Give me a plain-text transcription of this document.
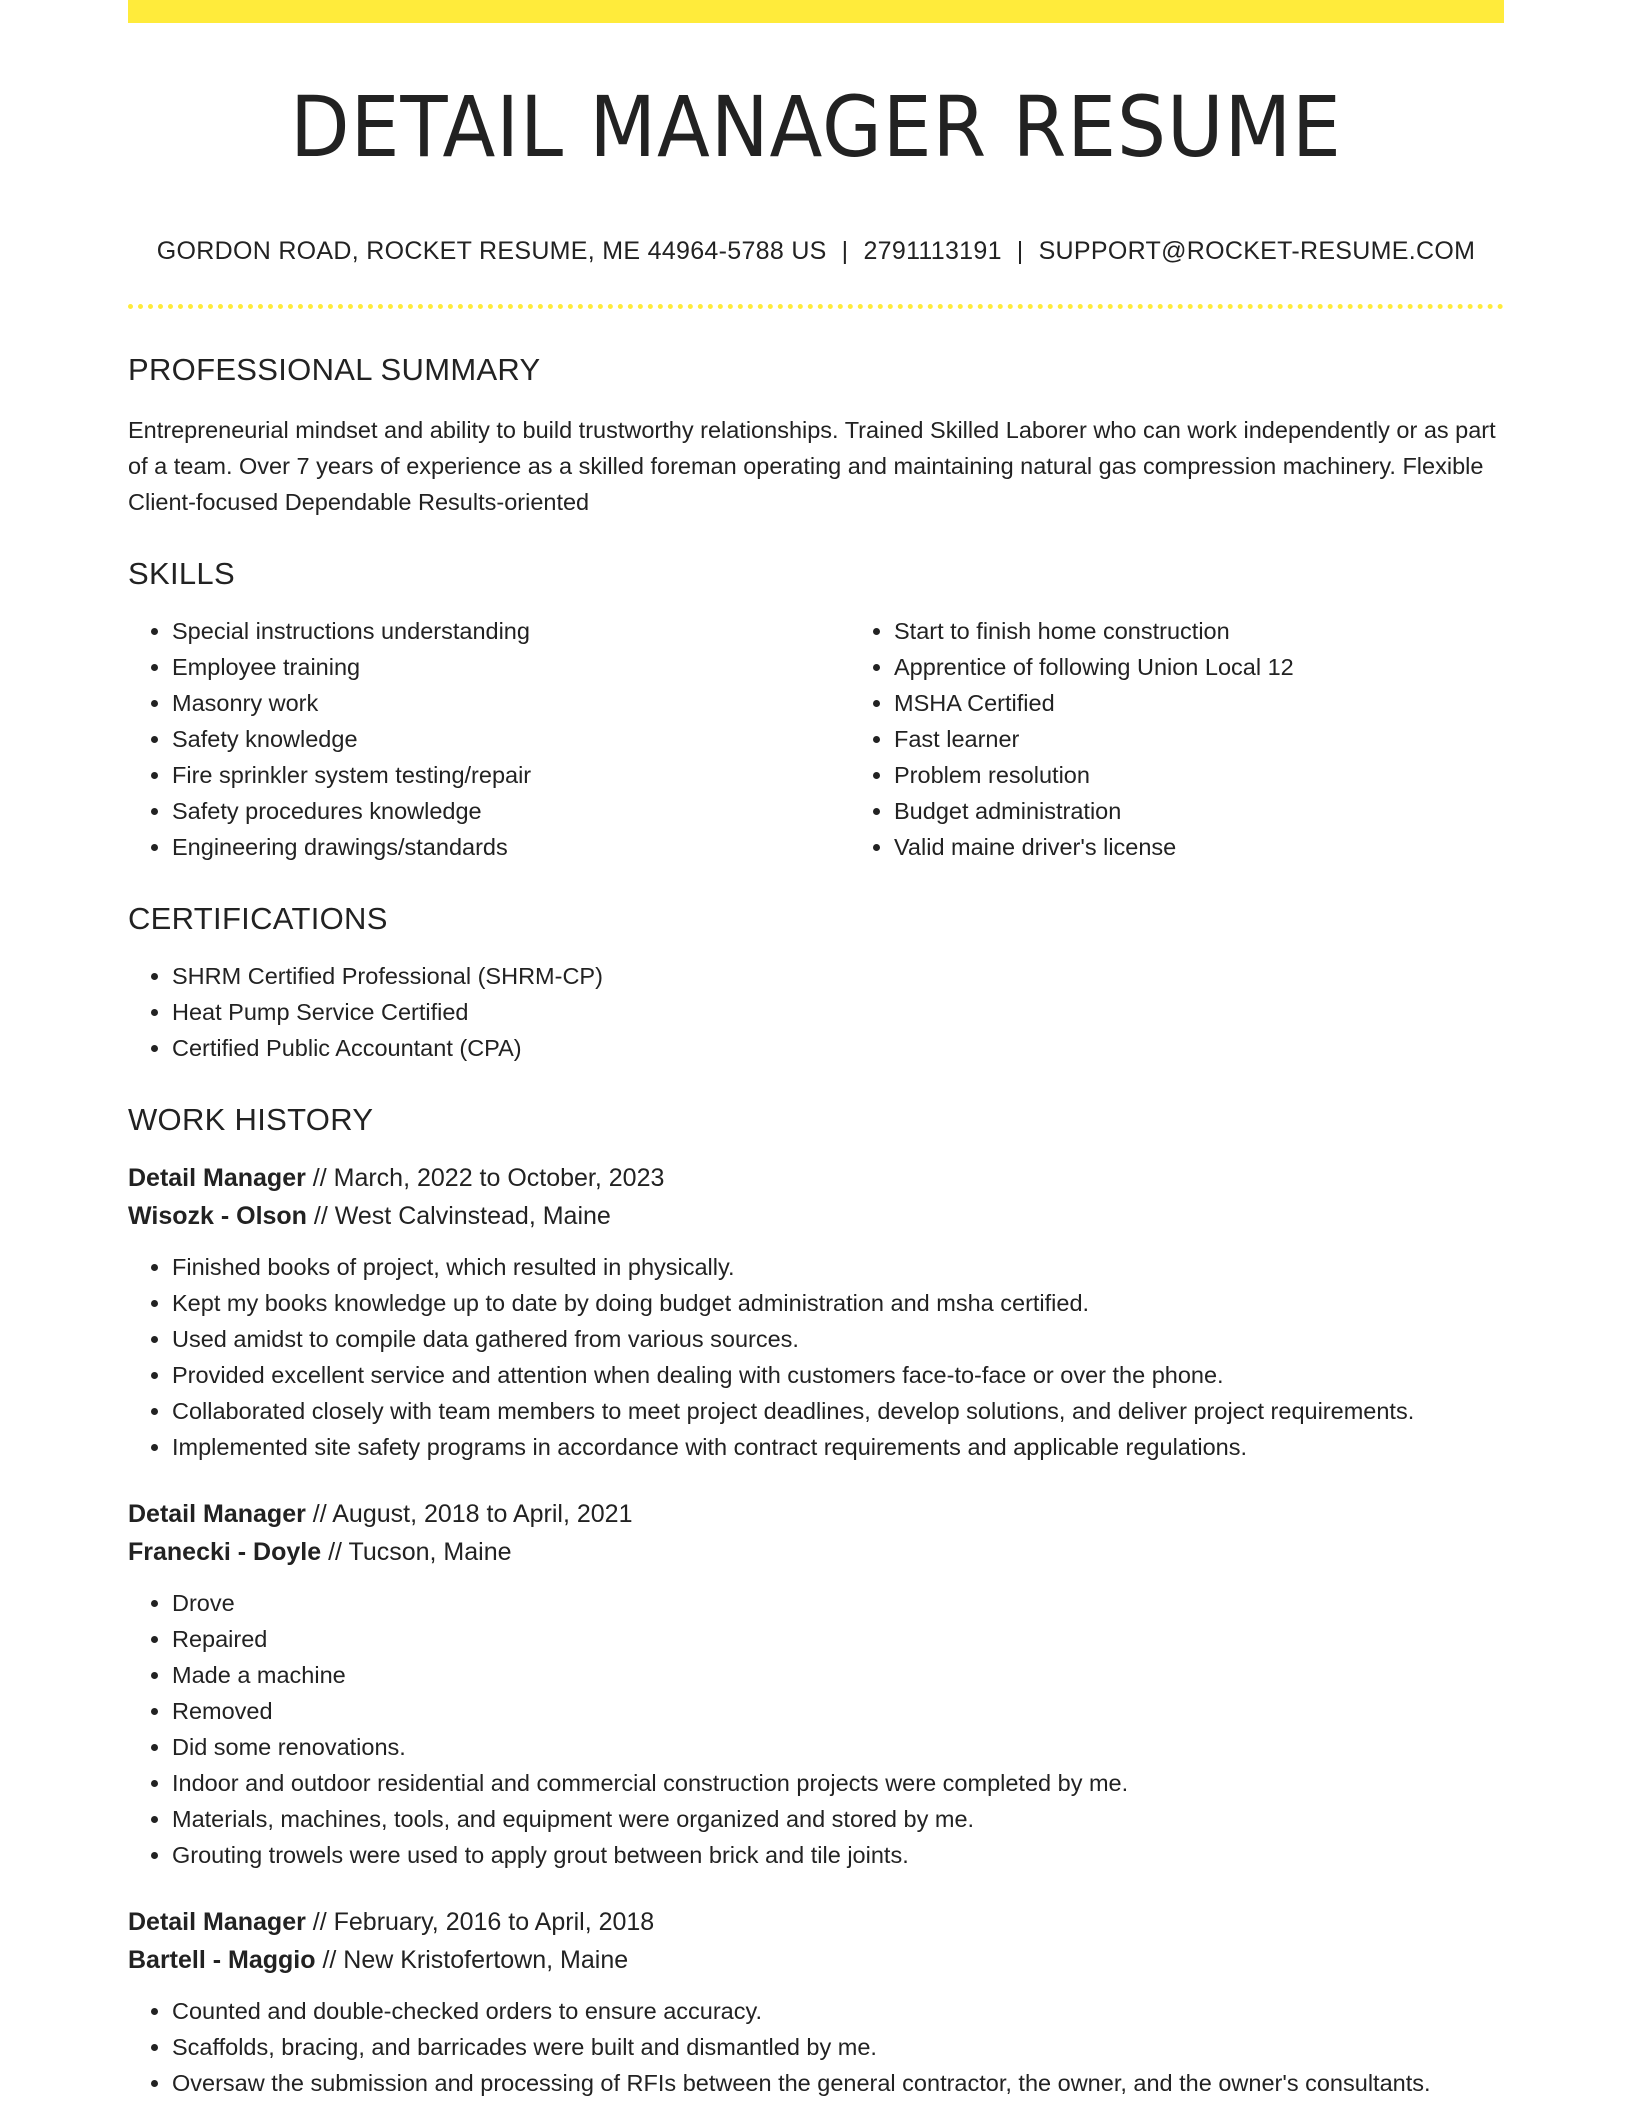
DETAIL MANAGER RESUME
GORDON ROAD, ROCKET RESUME, ME 44964-5788 US | 2791113191 | SUPPORT@ROCKET-RESUME.COM
PROFESSIONAL SUMMARY

Entrepreneurial mindset and ability to build trustworthy relationships. Trained Skilled Laborer who can work independently or as part of a team. Over 7 years of experience as a skilled foreman operating and maintaining natural gas compression machinery. Flexible Client-focused Dependable Results-oriented

SKILLS
• Special instructions understanding
• Employee training
• Masonry work
• Safety knowledge
• Fire sprinkler system testing/repair
• Safety procedures knowledge
• Engineering drawings/standards
• Start to finish home construction
• Apprentice of following Union Local 12
• MSHA Certified
• Fast learner
• Problem resolution
• Budget administration
• Valid maine driver's license
CERTIFICATIONS
• SHRM Certified Professional (SHRM-CP)
• Heat Pump Service Certified
• Certified Public Accountant (CPA)
WORK HISTORY
Detail Manager // March, 2022 to October, 2023
Wisozk - Olson // West Calvinstead, Maine
• Finished books of project, which resulted in physically.
• Kept my books knowledge up to date by doing budget administration and msha certified.
• Used amidst to compile data gathered from various sources.
• Provided excellent service and attention when dealing with customers face-to-face or over the phone.
• Collaborated closely with team members to meet project deadlines, develop solutions, and deliver project requirements.
• Implemented site safety programs in accordance with contract requirements and applicable regulations.
Detail Manager // August, 2018 to April, 2021
Franecki - Doyle // Tucson, Maine
• Drove
• Repaired
• Made a machine
• Removed
• Did some renovations.
• Indoor and outdoor residential and commercial construction projects were completed by me.
• Materials, machines, tools, and equipment were organized and stored by me.
• Grouting trowels were used to apply grout between brick and tile joints.
Detail Manager // February, 2016 to April, 2018
Bartell - Maggio // New Kristofertown, Maine
• Counted and double-checked orders to ensure accuracy.
• Scaffolds, bracing, and barricades were built and dismantled by me.
• Oversaw the submission and processing of RFIs between the general contractor, the owner, and the owner's consultants.
